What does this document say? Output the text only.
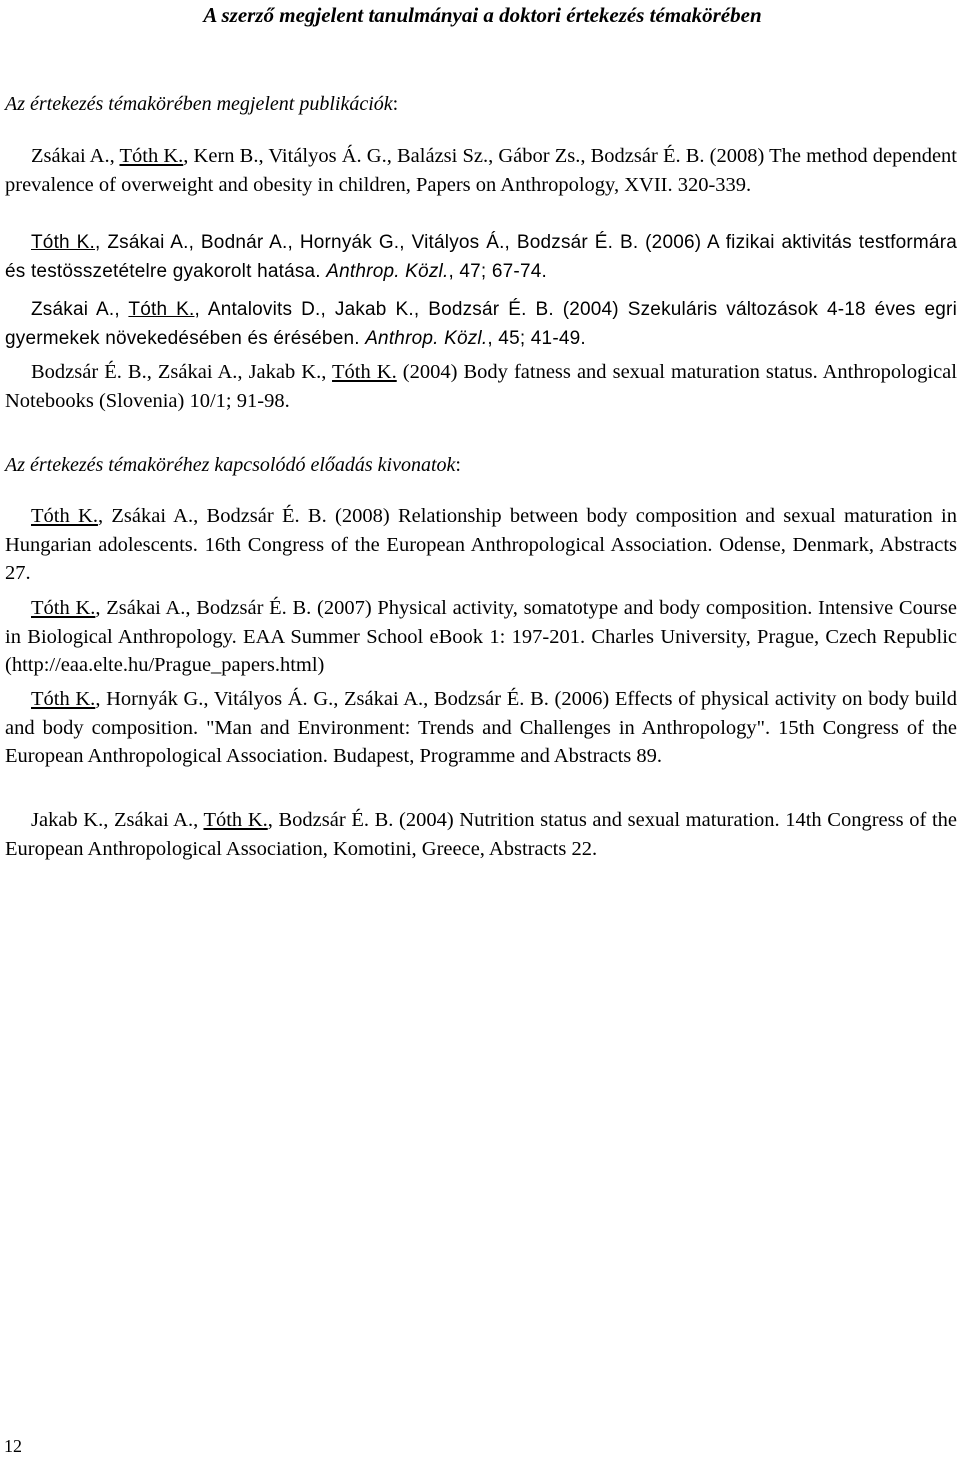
A szerző megjelent tanulmányai a doktori értekezés témakörében
Az értekezés témakörében megjelent publikációk:
Zsákai A., Tóth K., Kern B., Vitályos Á. G., Balázsi Sz., Gábor Zs., Bodzsár É. B. (2008) The method dependent prevalence of overweight and obesity in children, Papers on Anthropology, XVII. 320-339.
Tóth K., Zsákai A., Bodnár A., Hornyák G., Vitályos Á., Bodzsár É. B. (2006) A fizikai aktivitás testformára és testösszetételre gyakorolt hatása. Anthrop. Közl., 47; 67-74.
Zsákai A., Tóth K., Antalovits D., Jakab K., Bodzsár É. B. (2004) Szekuláris változások 4-18 éves egri gyermekek növekedésében és érésében. Anthrop. Közl., 45; 41-49.
Bodzsár É. B., Zsákai A., Jakab K., Tóth K. (2004) Body fatness and sexual maturation status. Anthropological Notebooks (Slovenia) 10/1; 91-98.
Az értekezés témaköréhez kapcsolódó előadás kivonatok:
Tóth K., Zsákai A., Bodzsár É. B. (2008) Relationship between body composition and sexual maturation in Hungarian adolescents. 16th Congress of the European Anthropological Association. Odense, Denmark, Abstracts 27.
Tóth K., Zsákai A., Bodzsár É. B. (2007) Physical activity, somatotype and body composition. Intensive Course in Biological Anthropology. EAA Summer School eBook 1: 197-201. Charles University, Prague, Czech Republic (http://eaa.elte.hu/Prague_papers.html)
Tóth K., Hornyák G., Vitályos Á. G., Zsákai A., Bodzsár É. B. (2006) Effects of physical activity on body build and body composition. "Man and Environment: Trends and Challenges in Anthropology". 15th Congress of the European Anthropological Association. Budapest, Programme and Abstracts 89.
Jakab K., Zsákai A., Tóth K., Bodzsár É. B. (2004) Nutrition status and sexual maturation. 14th Congress of the European Anthropological Association, Komotini, Greece, Abstracts 22.
12
